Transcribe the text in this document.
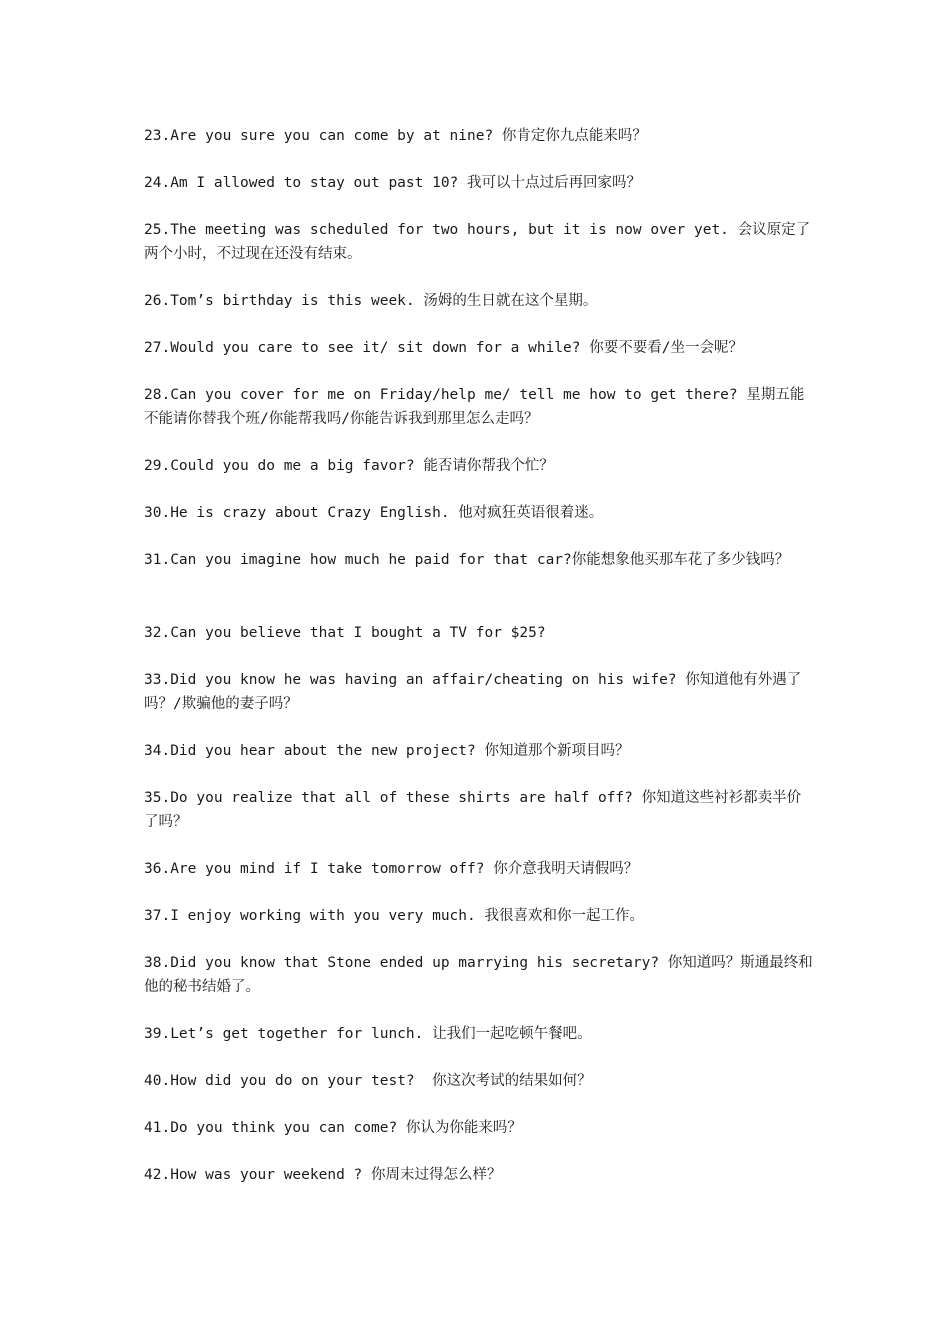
23.Are you sure you can come by at nine? 你肯定你九点能来吗？

24.Am I allowed to stay out past 10? 我可以十点过后再回家吗？

25.The meeting was scheduled for two hours, but it is now over yet. 会议原定了两个小时，不过现在还没有结束。

26.Tom’s birthday is this week. 汤姆的生日就在这个星期。

27.Would you care to see it/ sit down for a while? 你要不要看/坐一会呢？

28.Can you cover for me on Friday/help me/ tell me how to get there? 星期五能不能请你替我个班/你能帮我吗/你能告诉我到那里怎么走吗？

29.Could you do me a big favor? 能否请你帮我个忙？

30.He is crazy about Crazy English. 他对疯狂英语很着迷。

31.Can you imagine how much he paid for that car?你能想象他买那车花了多少钱吗？

32.Can you believe that I bought a TV for $25?

33.Did you know he was having an affair/cheating on his wife? 你知道他有外遇了吗？/欺骗他的妻子吗？

34.Did you hear about the new project? 你知道那个新项目吗？

35.Do you realize that all of these shirts are half off? 你知道这些衬衫都卖半价了吗？

36.Are you mind if I take tomorrow off? 你介意我明天请假吗？

37.I enjoy working with you very much. 我很喜欢和你一起工作。

38.Did you know that Stone ended up marrying his secretary? 你知道吗？斯通最终和他的秘书结婚了。

39.Let’s get together for lunch. 让我们一起吃顿午餐吧。

40.How did you do on your test?  你这次考试的结果如何？

41.Do you think you can come? 你认为你能来吗？

42.How was your weekend ? 你周末过得怎么样？
